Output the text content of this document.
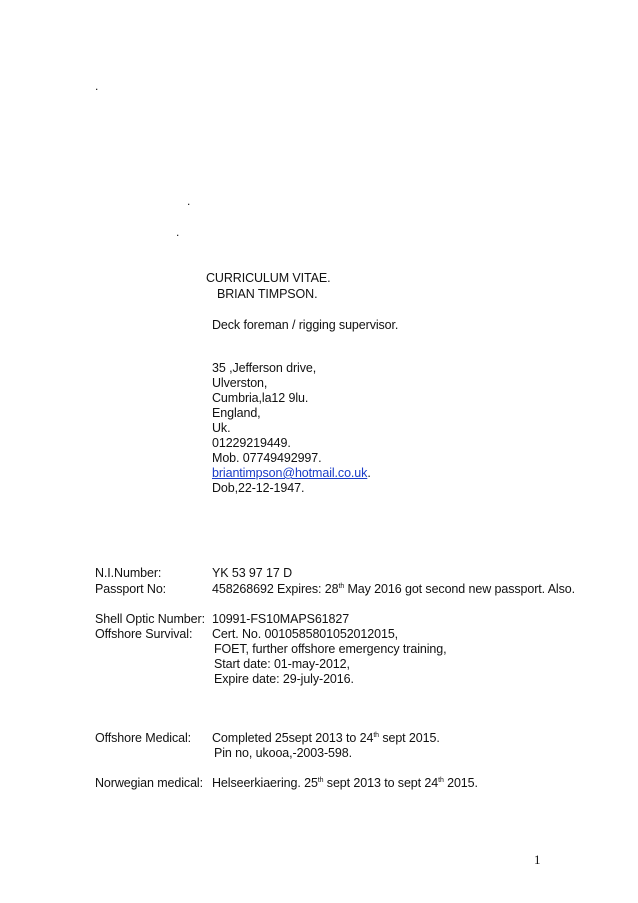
.
.
.
CURRICULUM VITAE.
BRIAN TIMPSON.
Deck foreman / rigging supervisor.
35 ,Jefferson drive,
Ulverston,
Cumbria,la12 9lu.
England,
Uk.
01229219449.
Mob. 07749492997.
briantimpson@hotmail.co.uk.
Dob,22-12-1947.
N.I.Number:	YK 53 97 17 D
Passport No:	458268692 Expires: 28th May 2016 got second new passport. Also.
Shell Optic Number: 10991-FS10MAPS61827
Offshore Survival: Cert. No. 0010585801052012015,
FOET, further offshore emergency training,
Start date: 01-may-2012,
Expire date: 29-july-2016.
Offshore Medical: Completed 25sept 2013 to 24th sept 2015.
Pin no, ukooa,-2003-598.
Norwegian medical: Helseerkiaering. 25th sept 2013 to sept 24th 2015.
1
